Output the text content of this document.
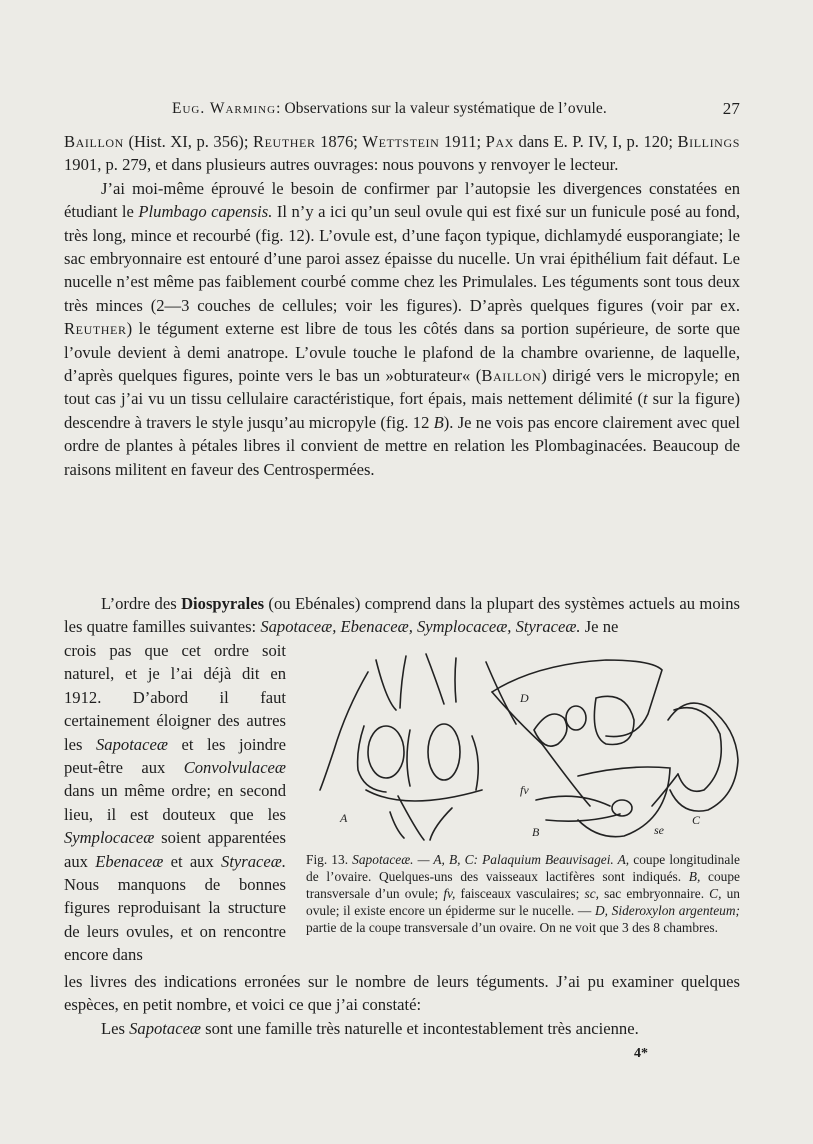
Eug. Warming: Observations sur la valeur systématique de l’ovule.	27

Baillon (Hist. XI, p. 356); Reuther 1876; Wettstein 1911; Pax dans E. P. IV, I, p. 120; Billings 1901, p. 279, et dans plusieurs autres ouvrages: nous pouvons y renvoyer le lecteur.

J’ai moi-même éprouvé le besoin de confirmer par l’autopsie les divergences constatées en étudiant le Plumbago capensis. Il n’y a ici qu’un seul ovule qui est fixé sur un funicule posé au fond, très long, mince et recourbé (fig. 12). L’ovule est, d’une façon typique, dichlamydé eusporangiate; le sac embryonnaire est entouré d’une paroi assez épaisse du nucelle. Un vrai épithélium fait défaut. Le nucelle n’est même pas faiblement courbé comme chez les Primulales. Les téguments sont tous deux très minces (2—3 couches de cellules; voir les figures). D’après quelques figures (voir par ex. Reuther) le tégument externe est libre de tous les côtés dans sa portion supérieure, de sorte que l’ovule devient à demi anatrope. L’ovule touche le plafond de la chambre ovarienne, de laquelle, d’après quelques figures, pointe vers le bas un »obturateur« (Baillon) dirigé vers le micropyle; en tout cas j’ai vu un tissu cellulaire caractéristique, fort épais, mais nettement délimité (t sur la figure) descendre à travers le style jusqu’au micropyle (fig. 12 B). Je ne vois pas encore clairement avec quel ordre de plantes à pétales libres il convient de mettre en relation les Plombaginacées. Beaucoup de raisons militent en faveur des Centrospermées.

L’ordre des Diospyrales (ou Ebénales) comprend dans la plupart des systèmes actuels au moins les quatre familles suivantes: Sapotaceæ, Ebenaceæ, Symplocaceæ, Styraceæ. Je ne

crois pas que cet ordre soit naturel, et je l’ai déjà dit en 1912. D’abord il faut certainement éloigner des autres les Sapotaceæ et les joindre peut-être aux Convolvulaceæ dans un même ordre; en second lieu, il est douteux que les Symplocaceæ soient apparentées aux Ebenaceæ et aux Styraceæ. Nous manquons de bonnes figures reproduisant la structure de leurs ovules, et on rencontre encore dans
A
B
C
D
fv
se
Fig. 13. Sapotaceæ. — A, B, C: Palaquium Beauvisagei. A, coupe longitudinale de l’ovaire. Quelques-uns des vaisseaux lactifères sont indiqués. B, coupe transversale d’un ovule; fv, faisceaux vasculaires; sc, sac embryonnaire. C, un ovule; il existe encore un épiderme sur le nucelle. — D, Sideroxylon argenteum; partie de la coupe transversale d’un ovaire. On ne voit que 3 des 8 chambres.

les livres des indications erronées sur le nombre de leurs téguments. J’ai pu examiner quelques espèces, en petit nombre, et voici ce que j’ai constaté:

Les Sapotaceæ sont une famille très naturelle et incontestablement très ancienne.

4*
